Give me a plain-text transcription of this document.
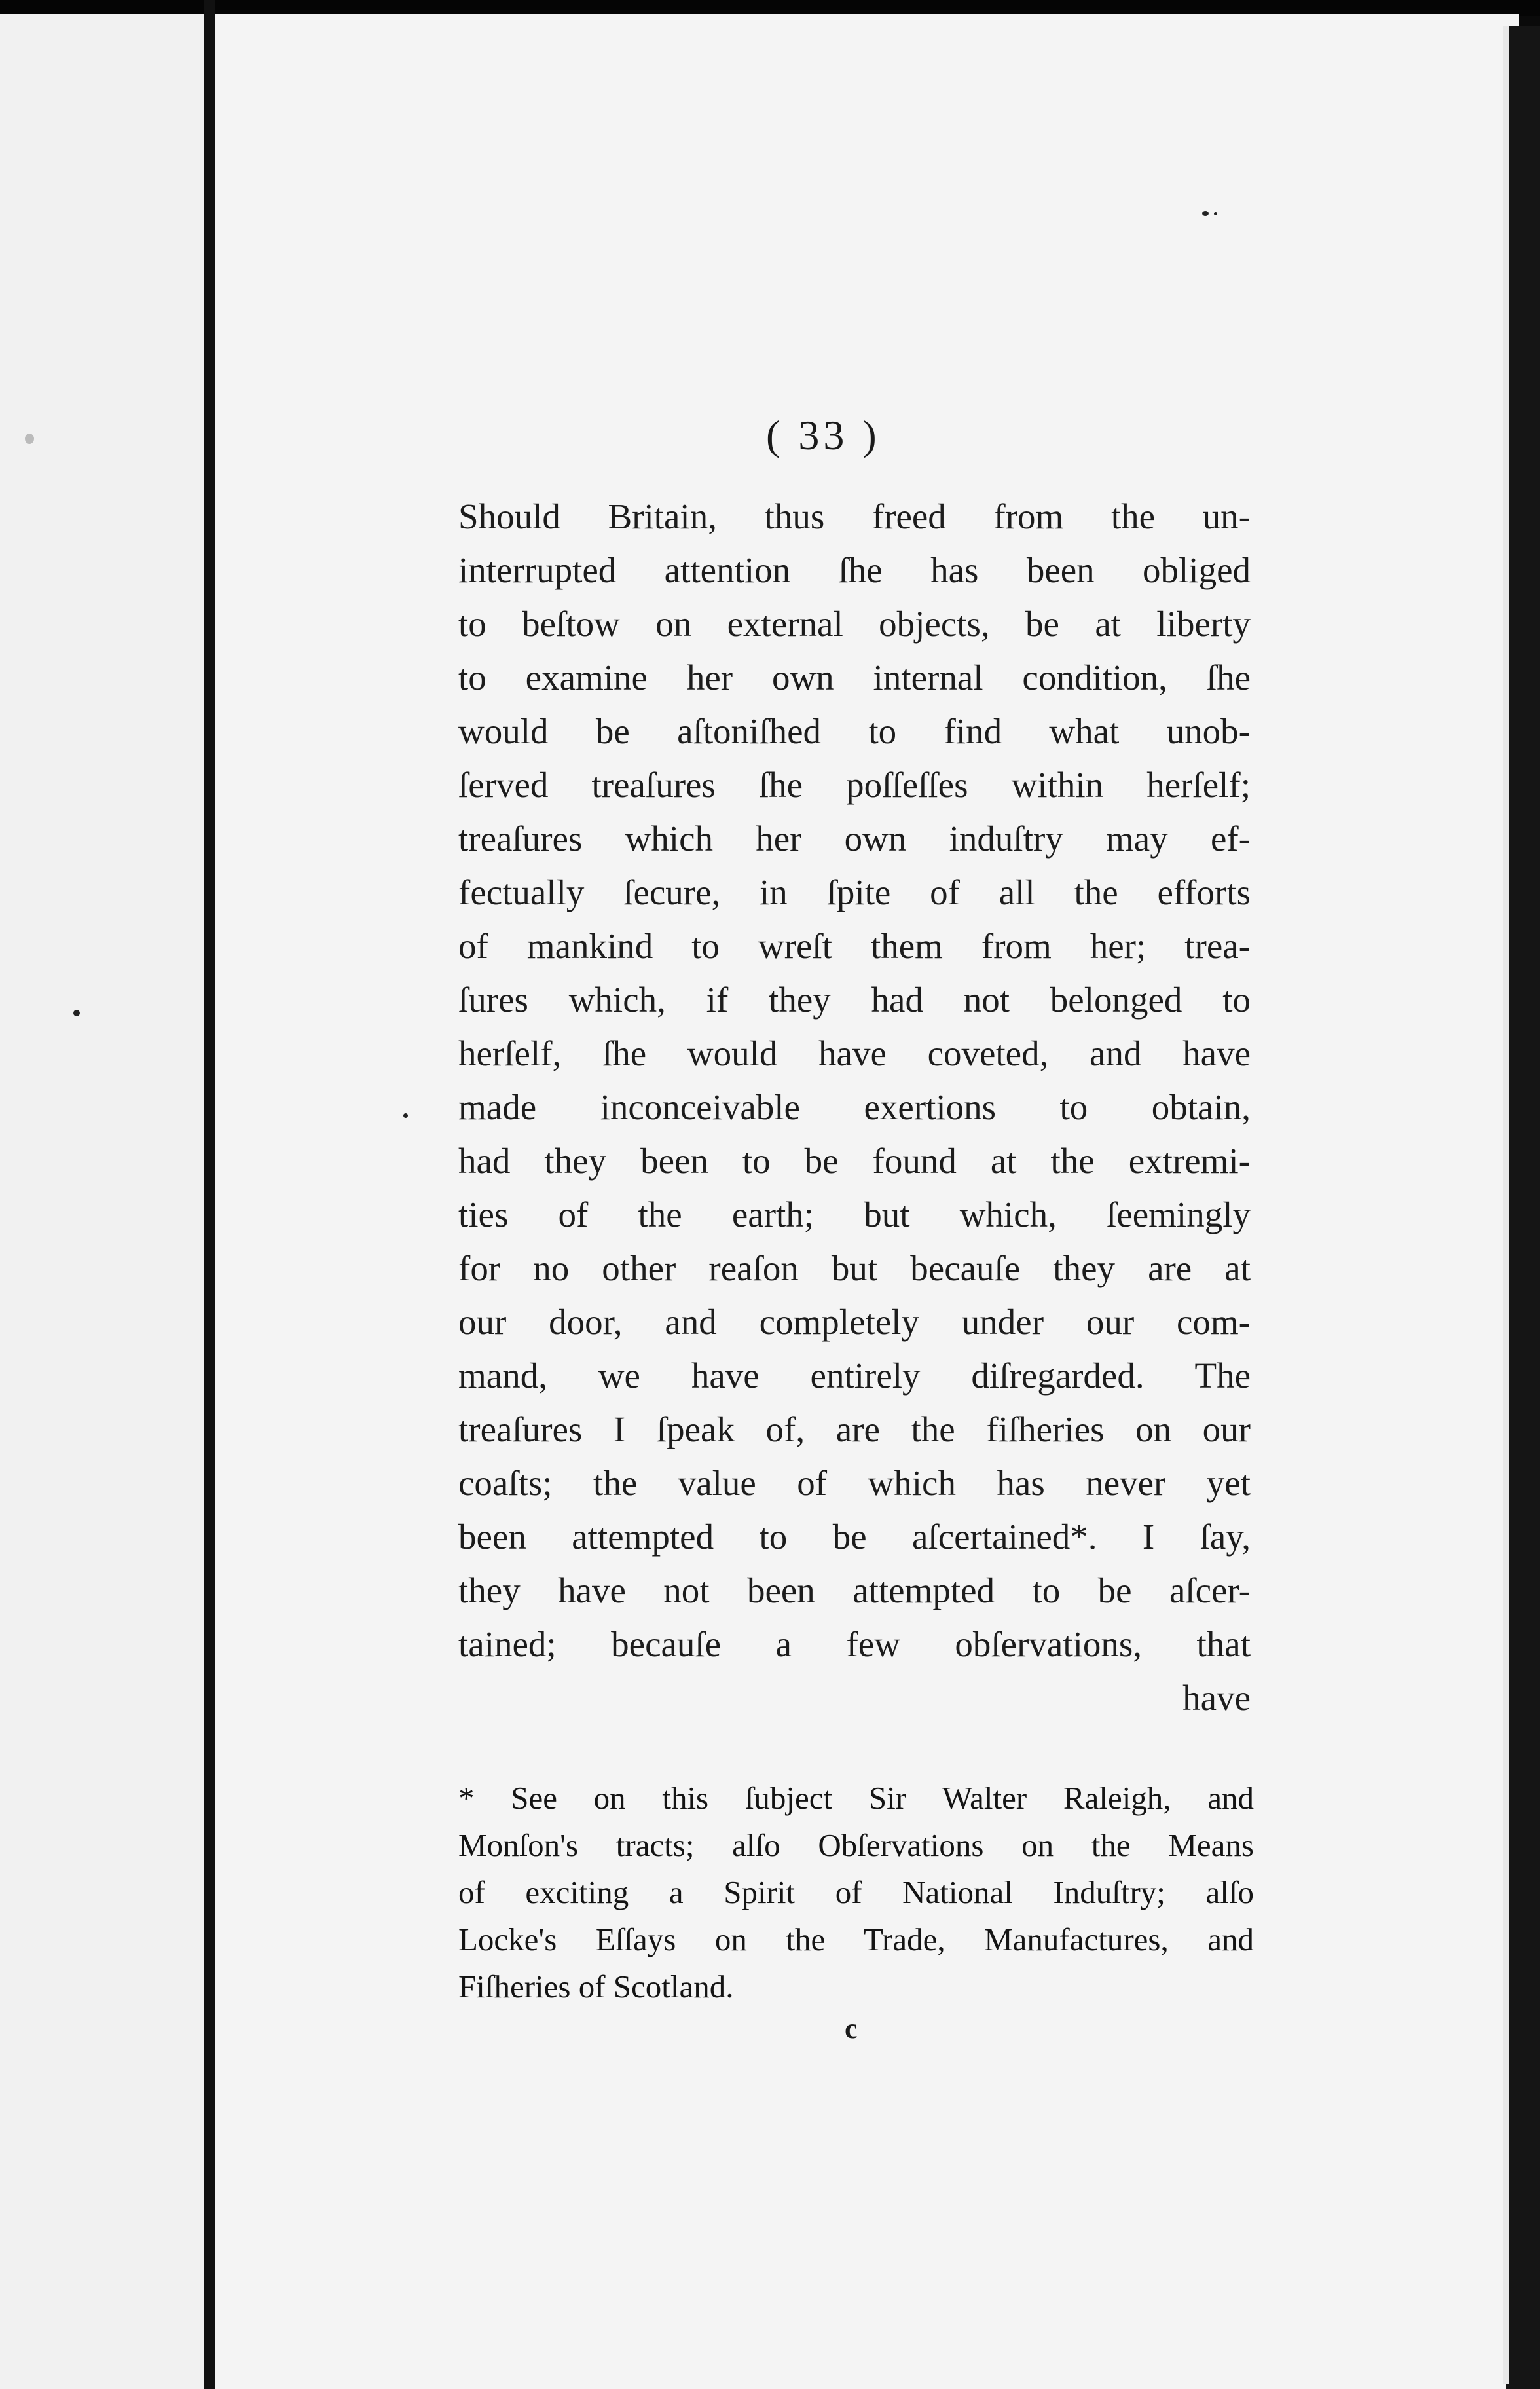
( 33 )
Should Britain, thus freed from the un-
interrupted attention ſhe has been obliged
to beſtow on external objects, be at liberty
to examine her own internal condition, ſhe
would be aſtoniſhed to find what unob-
ſerved treaſures ſhe poſſeſſes within herſelf;
treaſures which her own induſtry may ef-
fectually ſecure, in ſpite of all the efforts
of mankind to wreſt them from her; trea-
ſures which, if they had not belonged to
herſelf, ſhe would have coveted, and have
made inconceivable exertions to obtain,
had they been to be found at the extremi-
ties of the earth; but which, ſeemingly
for no other reaſon but becauſe they are at
our door, and completely under our com-
mand, we have entirely diſregarded. The
treaſures I ſpeak of, are the fiſheries on our
coaſts; the value of which has never yet
been attempted to be aſcertained*. I ſay,
they have not been attempted to be aſcer-
tained; becauſe a few obſervations, that
have
* See on this ſubject Sir Walter Raleigh, and
Monſon's tracts; alſo Obſervations on the Means
of exciting a Spirit of National Induſtry; alſo
Locke's Eſſays on the Trade, Manufactures, and
Fiſheries of Scotland.
c
